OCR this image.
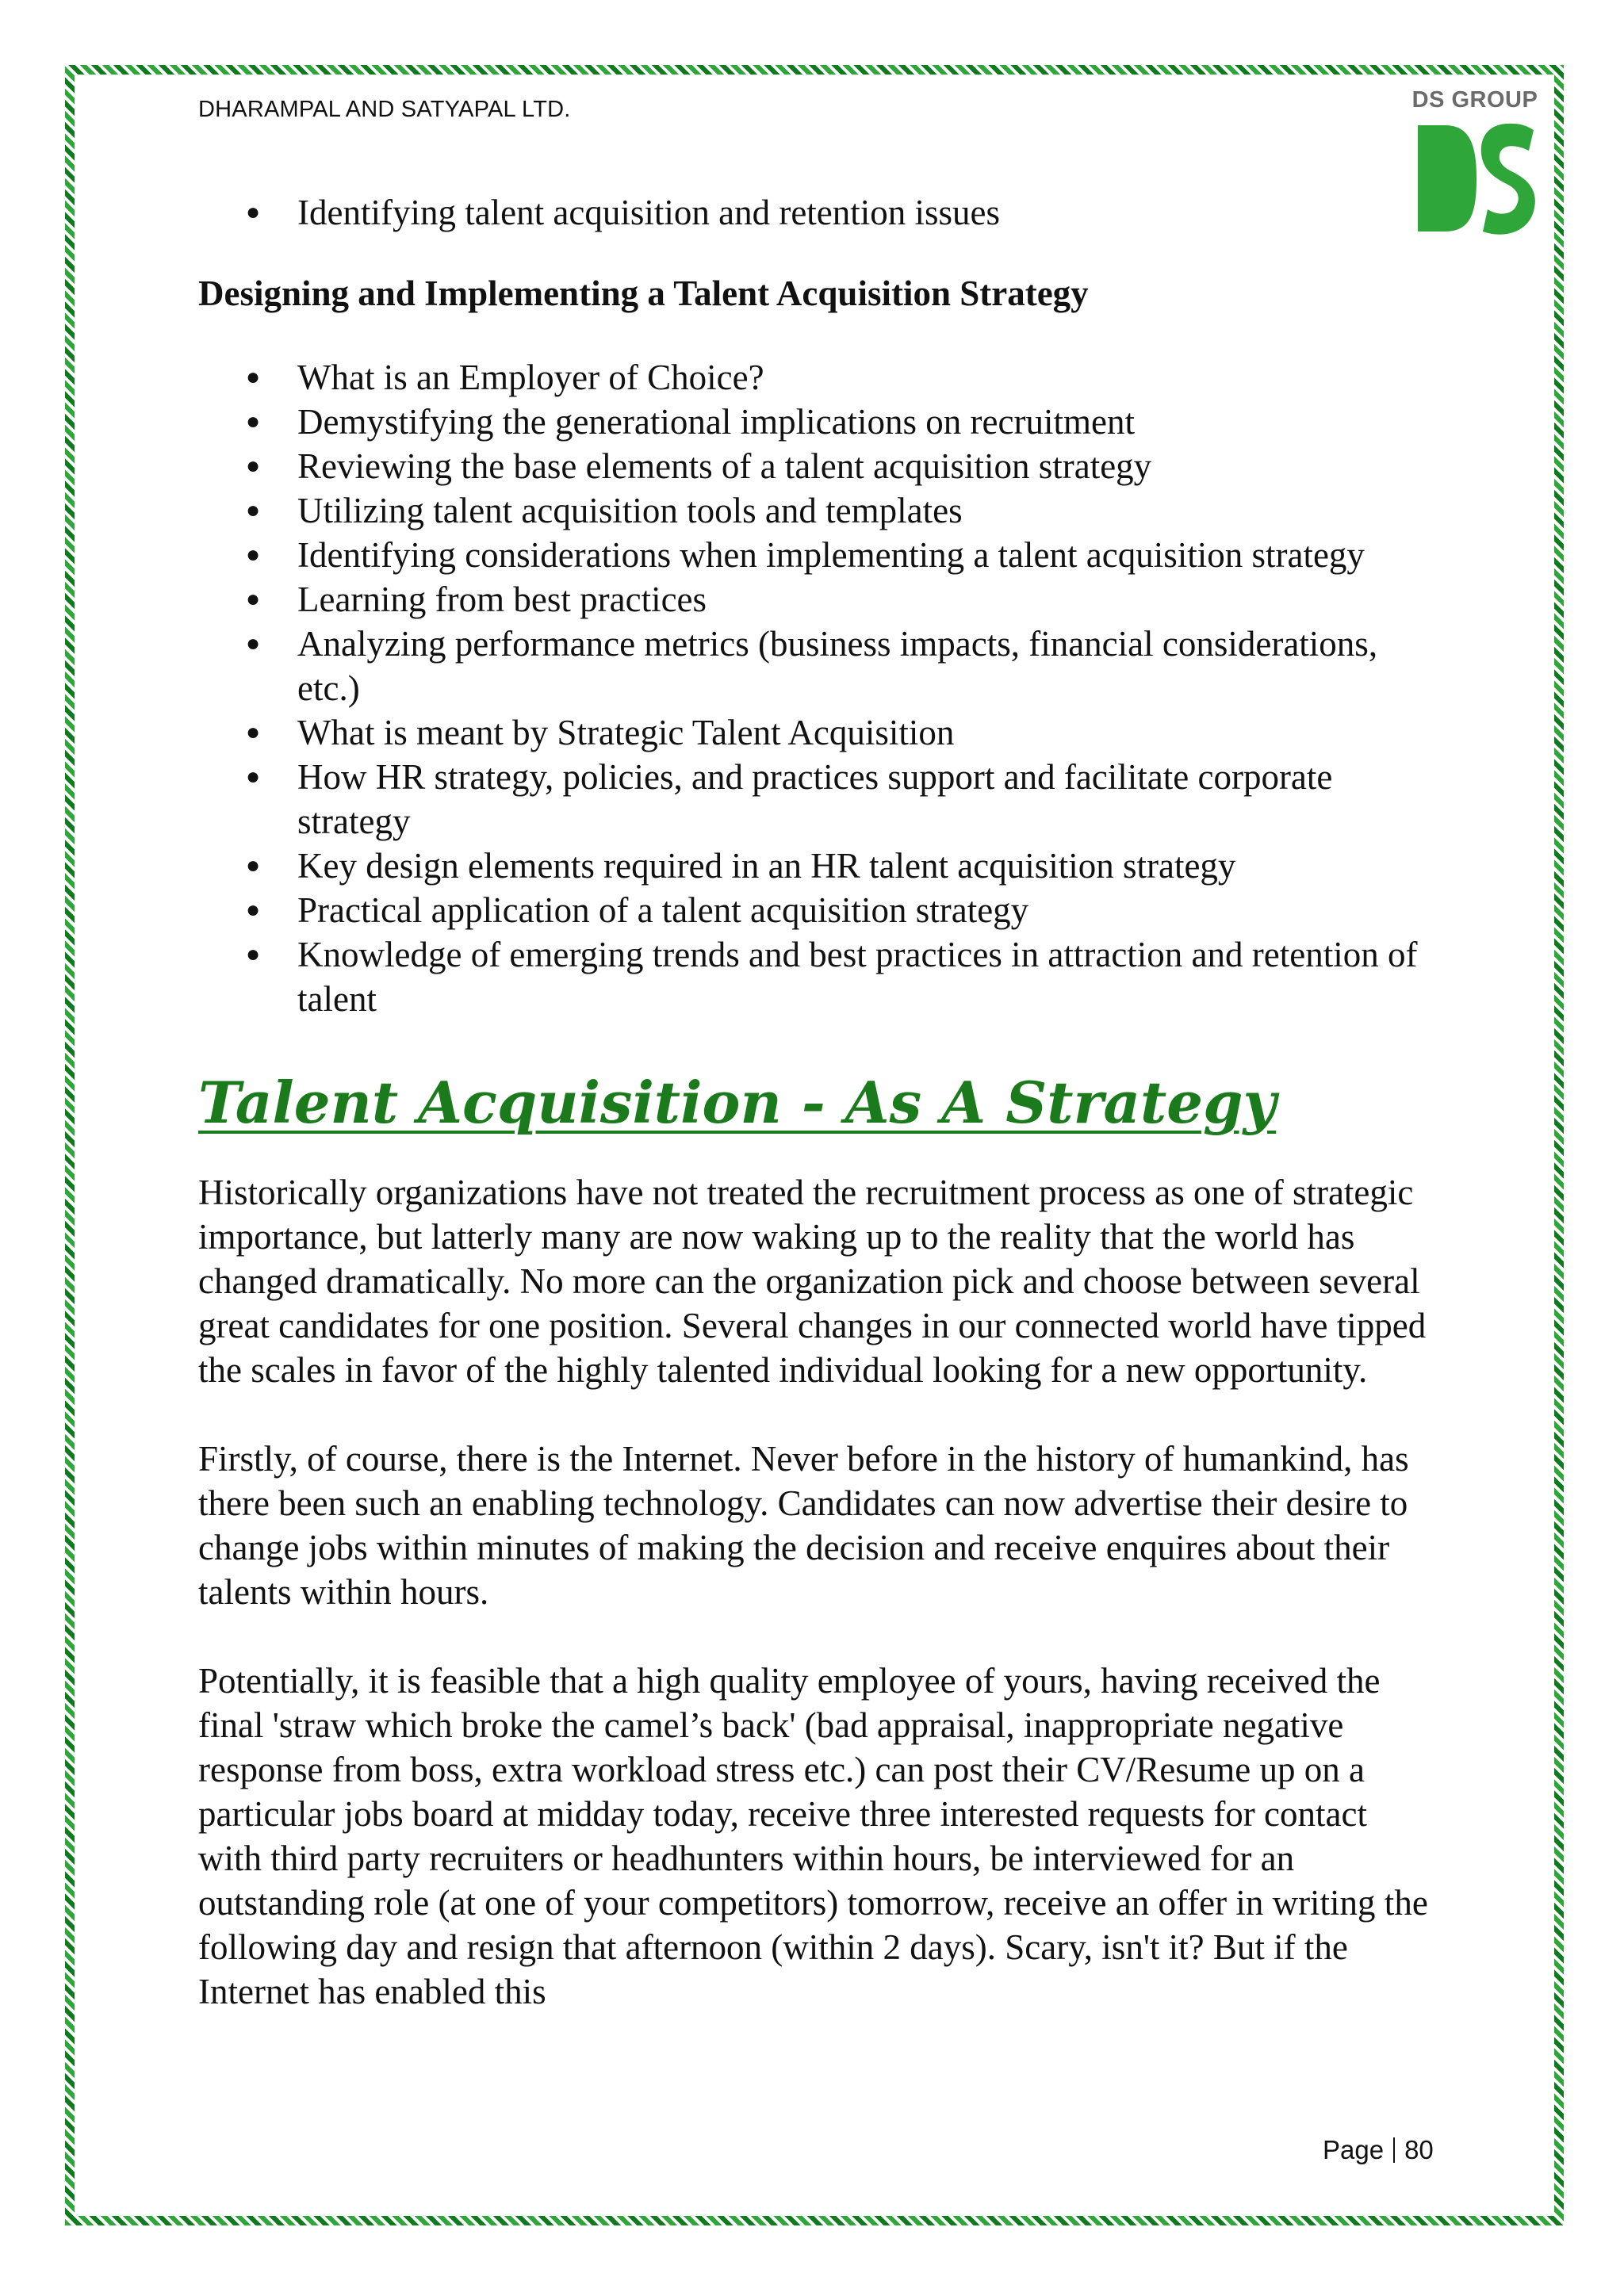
DHARAMPAL AND SATYAPAL LTD.	DS GROUP
● Identifying talent acquisition and retention issues
Designing and Implementing a Talent Acquisition Strategy
● What is an Employer of Choice?
● Demystifying the generational implications on recruitment
● Reviewing the base elements of a talent acquisition strategy
● Utilizing talent acquisition tools and templates
● Identifying considerations when implementing a talent acquisition strategy
● Learning from best practices
● Analyzing performance metrics (business impacts, financial considerations, etc.)
● What is meant by Strategic Talent Acquisition
● How HR strategy, policies, and practices support and facilitate corporate strategy
● Key design elements required in an HR talent acquisition strategy
● Practical application of a talent acquisition strategy
● Knowledge of emerging trends and best practices in attraction and retention of talent
Talent Acquisition - As A Strategy

Historically organizations have not treated the recruitment process as one of strategic importance, but latterly many are now waking up to the reality that the world has changed dramatically. No more can the organization pick and choose between several great candidates for one position. Several changes in our connected world have tipped the scales in favor of the highly talented individual looking for a new opportunity.

Firstly, of course, there is the Internet. Never before in the history of humankind, has there been such an enabling technology. Candidates can now advertise their desire to change jobs within minutes of making the decision and receive enquires about their talents within hours.

Potentially, it is feasible that a high quality employee of yours, having received the final 'straw which broke the camel’s back' (bad appraisal, inappropriate negative response from boss, extra workload stress etc.) can post their CV/Resume up on a particular jobs board at midday today, receive three interested requests for contact with third party recruiters or headhunters within hours, be interviewed for an outstanding role (at one of your competitors) tomorrow, receive an offer in writing the following day and resign that afternoon (within 2 days). Scary, isn't it? But if the Internet has enabled this

Page 80
